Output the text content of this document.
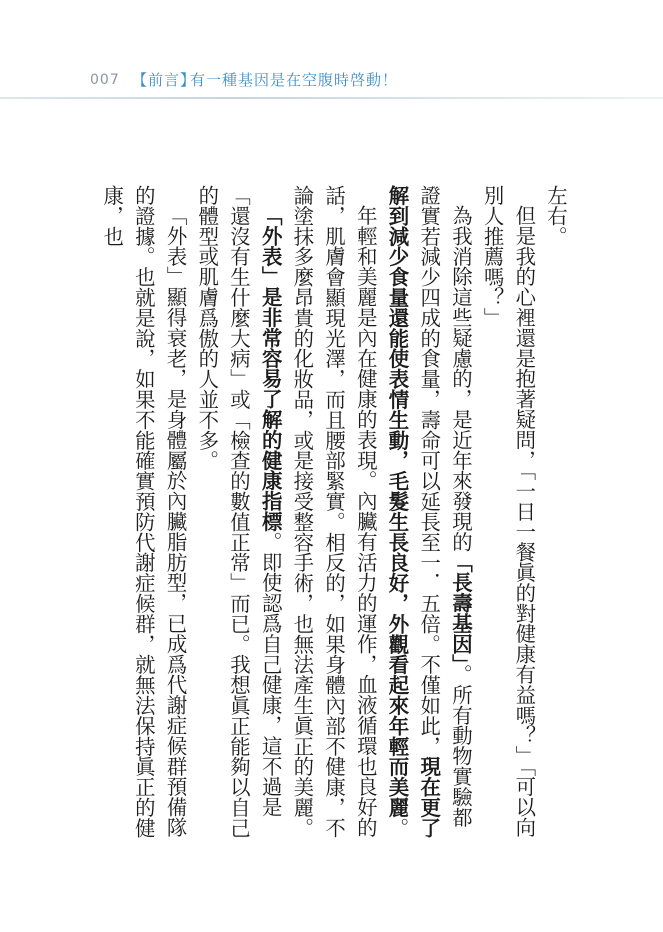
007 【前言】
有一種基因是在空腹時啓動！

左右。

但是我的心裡還是抱著疑問，「一日一餐眞的對健康有益嗎？」「可以向別人推薦嗎？」

為我消除這些疑慮的，是近年來發現的「長壽基因」。所有動物實驗都證實若減少四成的食量，壽命可以延長至一．五倍。不僅如此，現在更了解到減少食量還能使表情生動，毛髮生長良好，外觀看起來年輕而美麗。

年輕和美麗是內在健康的表現。內臟有活力的運作，血液循環也良好的話，肌膚會顯現光澤，而且腰部緊實。相反的，如果身體內部不健康，不論塗抹多麼昂貴的化妝品，或是接受整容手術，也無法產生眞正的美麗。

「外表」是非常容易了解的健康指標。即使認爲自己健康，這不過是「還沒有生什麼大病」或「檢查的數值正常」而已。我想眞正能夠以自己的體型或肌膚爲傲的人並不多。

「外表」顯得衰老，是身體屬於內臟脂肪型，已成爲代謝症候群預備隊的證據。也就是說，如果不能確實預防代謝症候群，就無法保持眞正的健康，也
